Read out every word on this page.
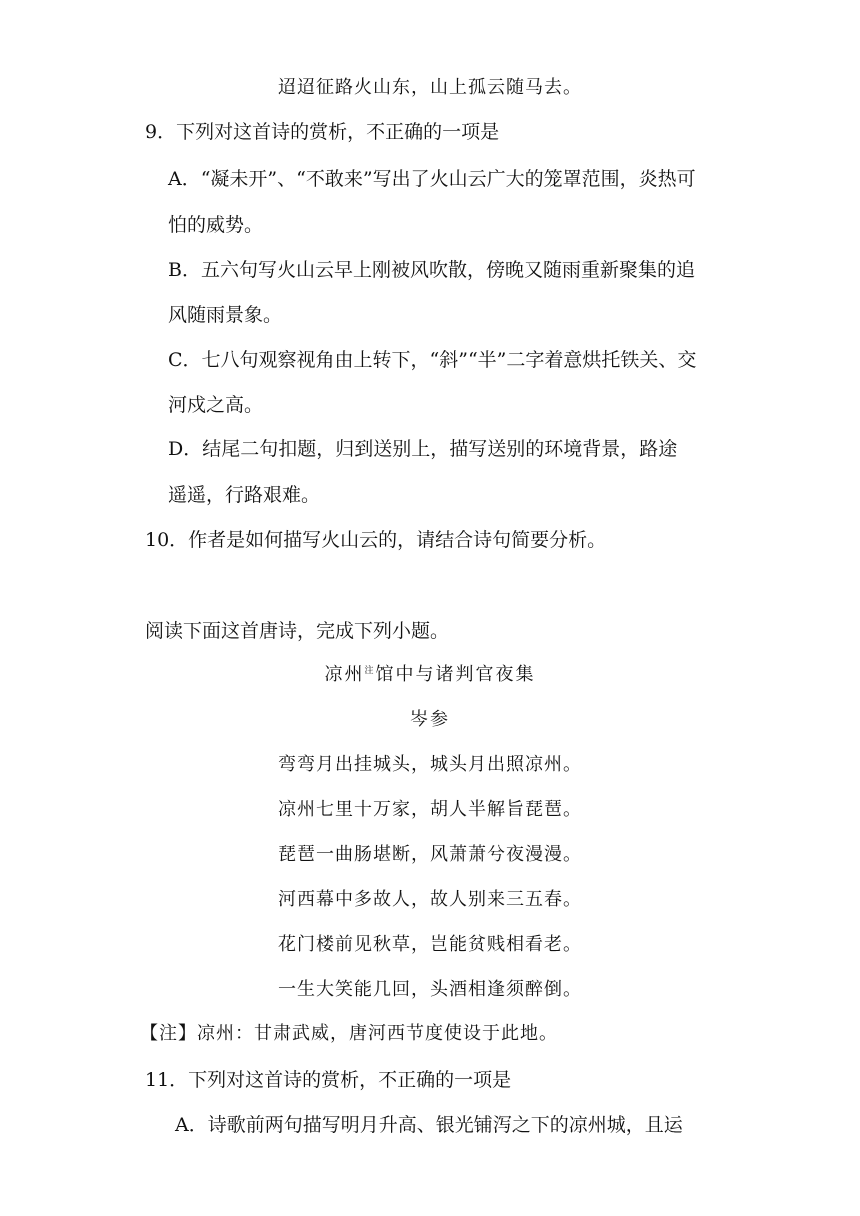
迢迢征路火山东，山上孤云随马去。
9．下列对这首诗的赏析，不正确的一项是
A．“凝未开”、“不敢来”写出了火山云广大的笼罩范围，炎热可
怕的威势。
B．五六句写火山云早上刚被风吹散，傍晚又随雨重新聚集的追
风随雨景象。
C．七八句观察视角由上转下，“斜”“半”二字着意烘托铁关、交
河戍之高。
D．结尾二句扣题，归到送别上，描写送别的环境背景，路途
遥遥，行路艰难。
10．作者是如何描写火山云的，请结合诗句简要分析。
阅读下面这首唐诗，完成下列小题。
凉州$^注$馆中与诸判官夜集
岑参
弯弯月出挂城头，城头月出照凉州。
凉州七里十万家，胡人半解旨琵琶。
琵琶一曲肠堪断，风萧萧兮夜漫漫。
河西幕中多故人，故人别来三五春。
花门楼前见秋草，岂能贫贱相看老。
一生大笑能几回，头酒相逢须醉倒。
【注】凉州：甘肃武威，唐河西节度使设于此地。
11．下列对这首诗的赏析，不正确的一项是
A．诗歌前两句描写明月升高、银光铺泻之下的凉州城，且运
